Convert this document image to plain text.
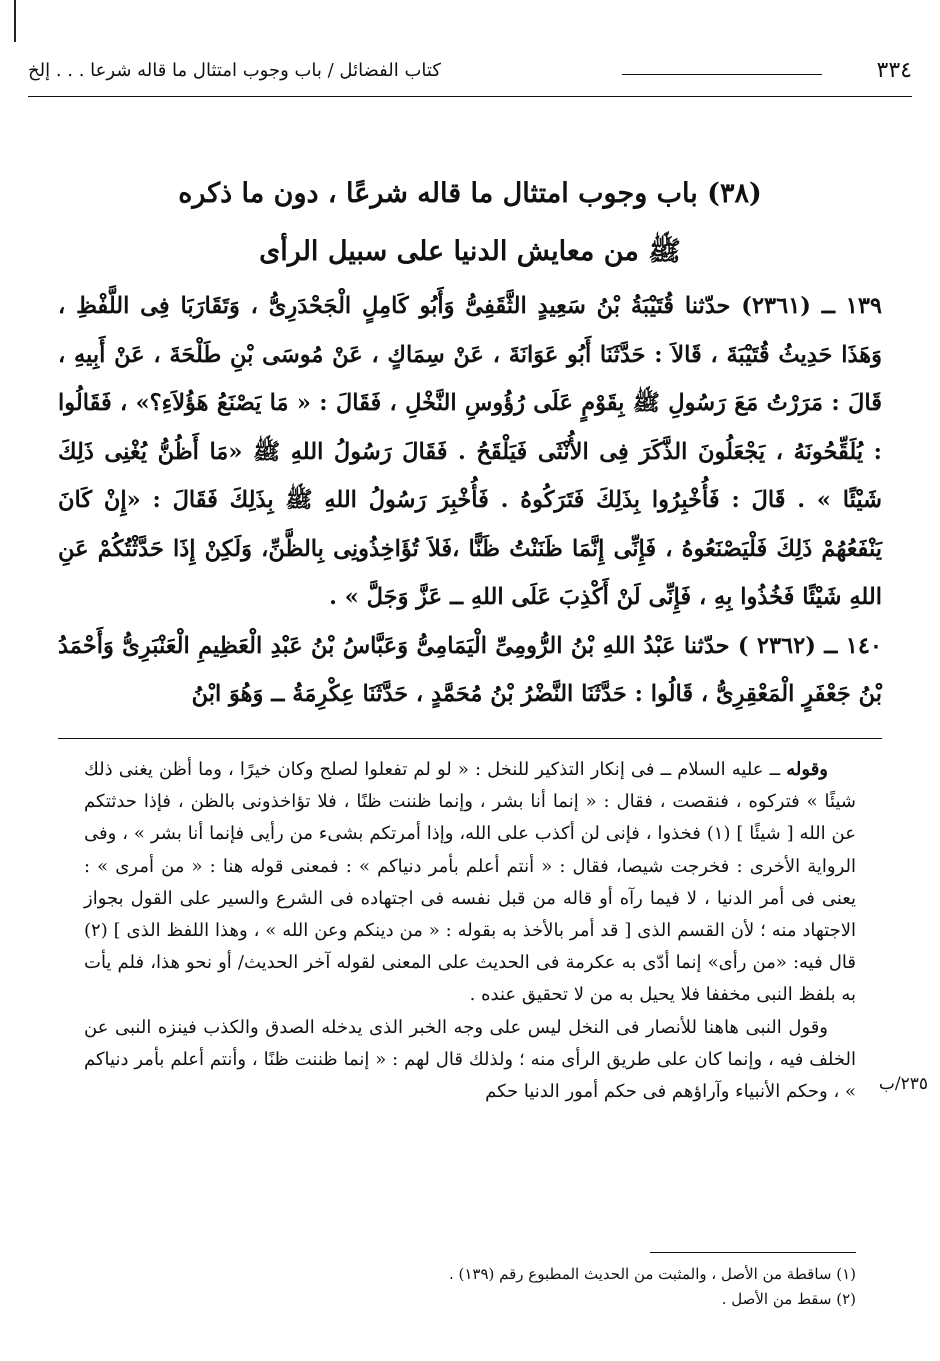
٣٣٤
كتاب الفضائل / باب وجوب امتثال ما قاله شرعا . . . إلخ
(٣٨) باب وجوب امتثال ما قاله شرعًا ، دون ما ذكره
ﷺ من معايش الدنيا على سبيل الرأى

١٣٩ ــ (٢٣٦١) حدّثنا قُتَيْبَةُ بْنُ سَعِيدٍ الثَّقَفِىُّ وَأَبُو كَامِلٍ الْجَحْدَرِىُّ ، وَتَقَارَبَا فِى اللَّفْظِ ، وَهَذَا حَدِيثُ قُتَيْبَةَ ، قَالاَ : حَدَّثَنَا أَبُو عَوَانَةَ ، عَنْ سِمَاكٍ ، عَنْ مُوسَى بْنِ طَلْحَةَ ، عَنْ أَبِيهِ ، قَالَ : مَرَرْتُ مَعَ رَسُولِ ﷺ بِقَوْمٍ عَلَى رُؤُوسِ النَّخْلِ ، فَقَالَ : « مَا يَصْنَعُ هَؤُلاَءِ؟» ، فَقَالُوا : يُلَقِّحُونَهُ ، يَجْعَلُونَ الذَّكَرَ فِى الأُنْثَى فَيَلْقَحُ . فَقَالَ رَسُولُ اللهِ ﷺ «مَا أَظُنُّ يُغْنِى ذَلِكَ شَيْئًا » . قَالَ : فَأُخْبِرُوا بِذَلِكَ فَتَرَكُوهُ . فَأُخْبِرَ رَسُولُ اللهِ ﷺ بِذَلِكَ فَقَالَ : «إِنْ كَانَ يَنْفَعُهُمْ ذَلِكَ فَلْيَصْنَعُوهُ ، فَإِنِّى إِنَّمَا ظَنَنْتُ ظَنًّا ،فَلاَ تُؤَاخِذُونِى بِالظَّنِّ، وَلَكِنْ إِذَا حَدَّثْتُكُمْ عَنِ اللهِ شَيْئًا فَخُذُوا بِهِ ، فَإِنِّى لَنْ أَكْذِبَ عَلَى اللهِ ــ عَزَّ وَجَلَّ » .

١٤٠ ــ (٢٣٦٢ ) حدّثنا عَبْدُ اللهِ بْنُ الرُّومِىِّ الْيَمَامِىُّ وَعَبَّاسُ بْنُ عَبْدِ الْعَظِيمِ الْعَنْبَرِىُّ وَأَحْمَدُ بْنُ جَعْفَرٍ الْمَعْقِرِىُّ ، قَالُوا : حَدَّثَنَا النَّضْرُ بْنُ مُحَمَّدٍ ، حَدَّثَنَا عِكْرِمَةُ ــ وَهُوَ ابْنُ

وقوله ــ عليه السلام ــ فى إنكار التذكير للنخل : « لو لم تفعلوا لصلح وكان خيرًا ، وما أظن يغنى ذلك شيئًا » فتركوه ، فنقصت ، فقال : « إنما أنا بشر ، وإنما ظننت ظنًا ، فلا تؤاخذونى بالظن ، فإذا حدثتكم عن الله [ شيئًا ] (١) فخذوا ، فإنى لن أكذب على الله، وإذا أمرتكم بشىء من رأيى فإنما أنا بشر » ، وفى الرواية الأخرى : فخرجت شيصا، فقال : « أنتم أعلم بأمر دنياكم » : فمعنى قوله هنا : « من أمرى » : يعنى فى أمر الدنيا ، لا فيما رآه أو قاله من قبل نفسه فى اجتهاده فى الشرع والسير على القول بجواز الاجتهاد منه ؛ لأن القسم الذى [ قد أمر بالأخذ به بقوله : « من دينكم وعن الله » ، وهذا اللفظ الذى ] (٢) قال فيه: «من رأى» إنما أدّى به عكرمة فى الحديث على المعنى لقوله آخر الحديث/ أو نحو هذا، فلم يأت به بلفظ النبى مخففا فلا يحيل به من لا تحقيق عنده .

وقول النبى هاهنا للأنصار فى النخل ليس على وجه الخبر الذى يدخله الصدق والكذب فينزه النبى عن الخلف فيه ، وإنما كان على طريق الرأى منه ؛ ولذلك قال لهم : « إنما ظننت ظنًا ، وأنتم أعلم بأمر دنياكم » ، وحكم الأنبياء وآراؤهم فى حكم أمور الدنيا حكم ٢٣٥/ب

(١) ساقطة من الأصل ، والمثبت من الحديث المطبوع رقم (١٣٩) .

(٢) سقط من الأصل .
